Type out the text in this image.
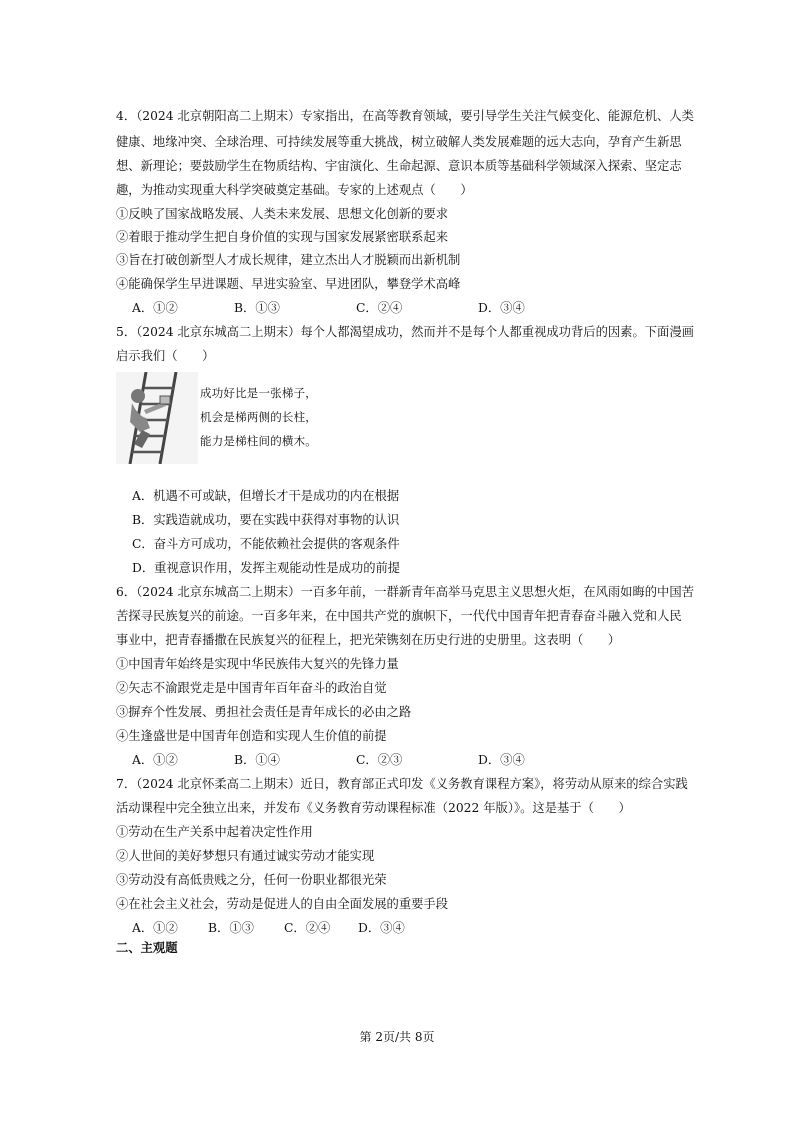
4．（2024 北京朝阳高二上期末）专家指出，在高等教育领域，要引导学生关注气候变化、能源危机、人类
健康、地缘冲突、全球治理、可持续发展等重大挑战，树立破解人类发展难题的远大志向，孕育产生新思
想、新理论；要鼓励学生在物质结构、宇宙演化、生命起源、意识本质等基础科学领域深入探索、坚定志
趣，为推动实现重大科学突破奠定基础。专家的上述观点（　　）
①反映了国家战略发展、人类未来发展、思想文化创新的要求
②着眼于推动学生把自身价值的实现与国家发展紧密联系起来
③旨在打破创新型人才成长规律，建立杰出人才脱颖而出新机制
④能确保学生早进课题、早进实验室、早进团队，攀登学术高峰
A．①②	B．①③	C．②④	D．③④
5．（2024 北京东城高二上期末）每个人都渴望成功，然而并不是每个人都重视成功背后的因素。下面漫画
启示我们（　　）
成功好比是一张梯子，
机会是梯两侧的长柱，
能力是梯柱间的横木。
A．机遇不可或缺，但增长才干是成功的内在根据
B．实践造就成功，要在实践中获得对事物的认识
C．奋斗方可成功，不能依赖社会提供的客观条件
D．重视意识作用，发挥主观能动性是成功的前提
6．（2024 北京东城高二上期末）一百多年前，一群新青年高举马克思主义思想火炬，在风雨如晦的中国苦
苦探寻民族复兴的前途。一百多年来，在中国共产党的旗帜下，一代代中国青年把青春奋斗融入党和人民
事业中，把青春播撒在民族复兴的征程上，把光荣镌刻在历史行进的史册里。这表明（　　）
①中国青年始终是实现中华民族伟大复兴的先锋力量
②矢志不渝跟党走是中国青年百年奋斗的政治自觉
③摒弃个性发展、勇担社会责任是青年成长的必由之路
④生逢盛世是中国青年创造和实现人生价值的前提
A．①②	B．①④	C．②③	D．③④
7．（2024 北京怀柔高二上期末）近日，教育部正式印发《义务教育课程方案》，将劳动从原来的综合实践
活动课程中完全独立出来，并发布《义务教育劳动课程标准（2022 年版）》。这是基于（　　）
①劳动在生产关系中起着决定性作用
②人世间的美好梦想只有通过诚实劳动才能实现
③劳动没有高低贵贱之分，任何一份职业都很光荣
④在社会主义社会，劳动是促进人的自由全面发展的重要手段
A．①② B．①③ C．②④ D．③④
二、主观题
第 2页/共 8页
